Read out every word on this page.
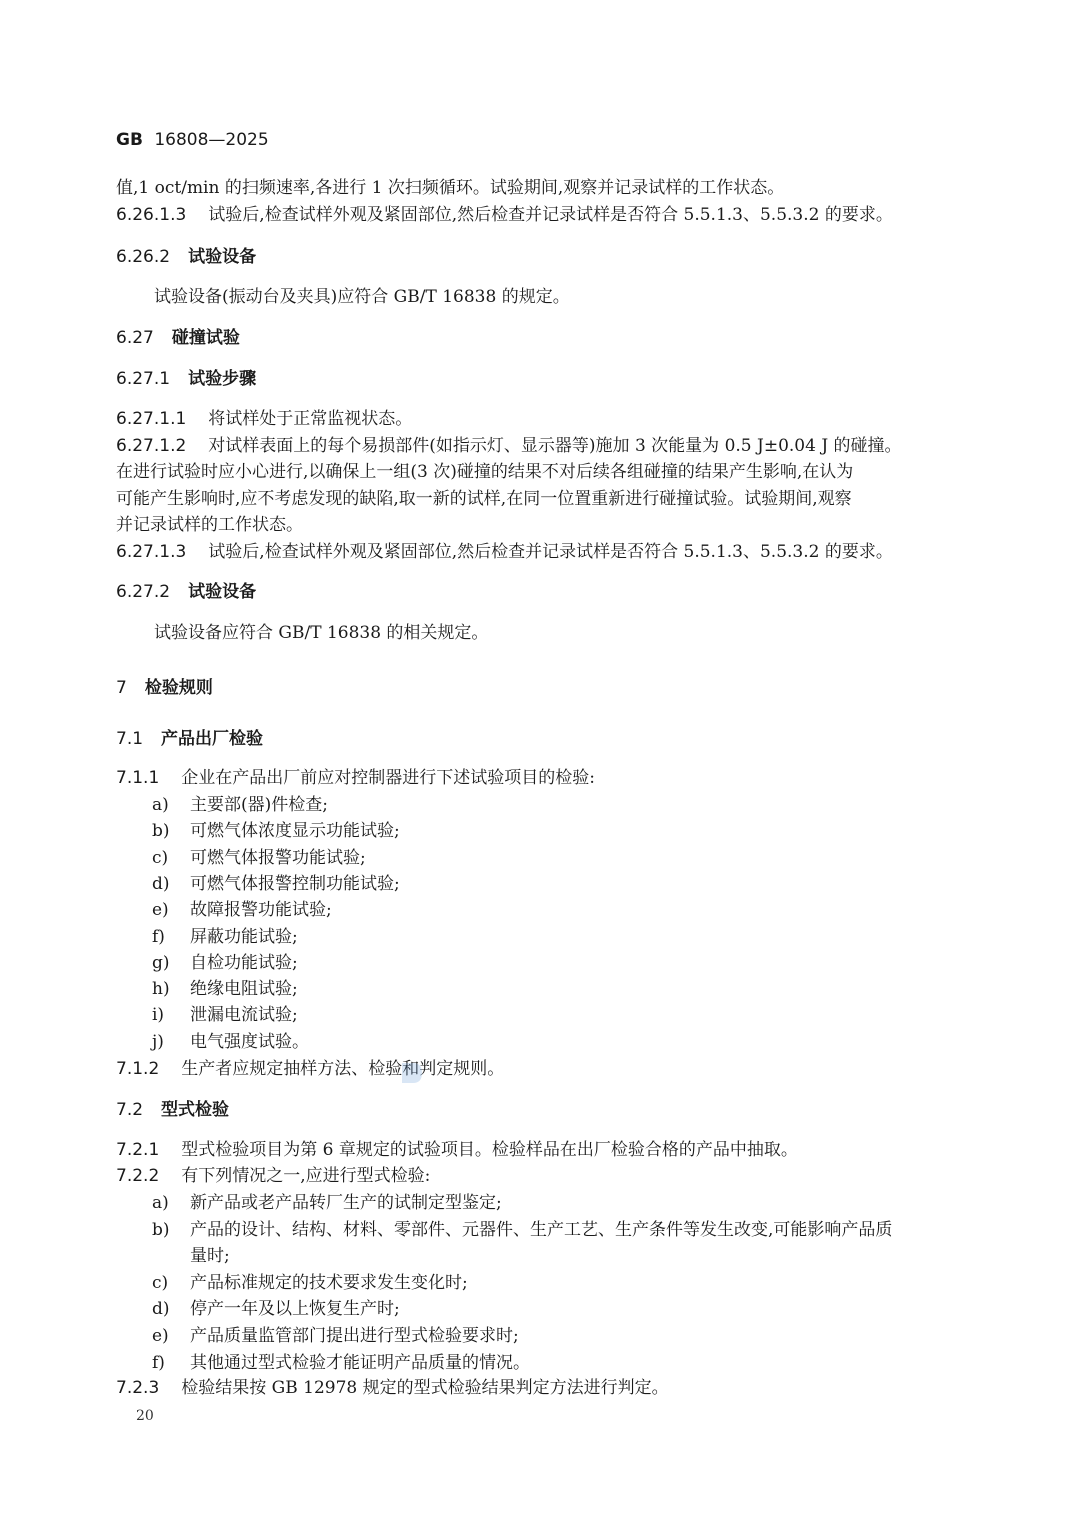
GB 16808—2025
值,1 oct/min 的扫频速率,各进行 1 次扫频循环。试验期间,观察并记录试样的工作状态。
6.26.1.3 试验后,检查试样外观及紧固部位,然后检查并记录试样是否符合 5.5.1.3、5.5.3.2 的要求。
6.26.2 试验设备
试验设备(振动台及夹具)应符合 GB/T 16838 的规定。
6.27 碰撞试验
6.27.1 试验步骤
6.27.1.1 将试样处于正常监视状态。
6.27.1.2 对试样表面上的每个易损部件(如指示灯、显示器等)施加 3 次能量为 0.5 J±0.04 J 的碰撞。
在进行试验时应小心进行,以确保上一组(3 次)碰撞的结果不对后续各组碰撞的结果产生影响,在认为
可能产生影响时,应不考虑发现的缺陷,取一新的试样,在同一位置重新进行碰撞试验。试验期间,观察
并记录试样的工作状态。
6.27.1.3 试验后,检查试样外观及紧固部位,然后检查并记录试样是否符合 5.5.1.3、5.5.3.2 的要求。
6.27.2 试验设备
试验设备应符合 GB/T 16838 的相关规定。
7 检验规则
7.1 产品出厂检验
7.1.1 企业在产品出厂前应对控制器进行下述试验项目的检验:
a) 主要部(器)件检查;
b) 可燃气体浓度显示功能试验;
c) 可燃气体报警功能试验;
d) 可燃气体报警控制功能试验;
e) 故障报警功能试验;
f) 屏蔽功能试验;
g) 自检功能试验;
h) 绝缘电阻试验;
i) 泄漏电流试验;
j) 电气强度试验。
7.1.2 生产者应规定抽样方法、检验和判定规则。
7.2 型式检验
7.2.1 型式检验项目为第 6 章规定的试验项目。检验样品在出厂检验合格的产品中抽取。
7.2.2 有下列情况之一,应进行型式检验:
a) 新产品或老产品转厂生产的试制定型鉴定;
b) 产品的设计、结构、材料、零部件、元器件、生产工艺、生产条件等发生改变,可能影响产品质
量时;
c) 产品标准规定的技术要求发生变化时;
d) 停产一年及以上恢复生产时;
e) 产品质量监管部门提出进行型式检验要求时;
f) 其他通过型式检验才能证明产品质量的情况。
7.2.3 检验结果按 GB 12978 规定的型式检验结果判定方法进行判定。
20
